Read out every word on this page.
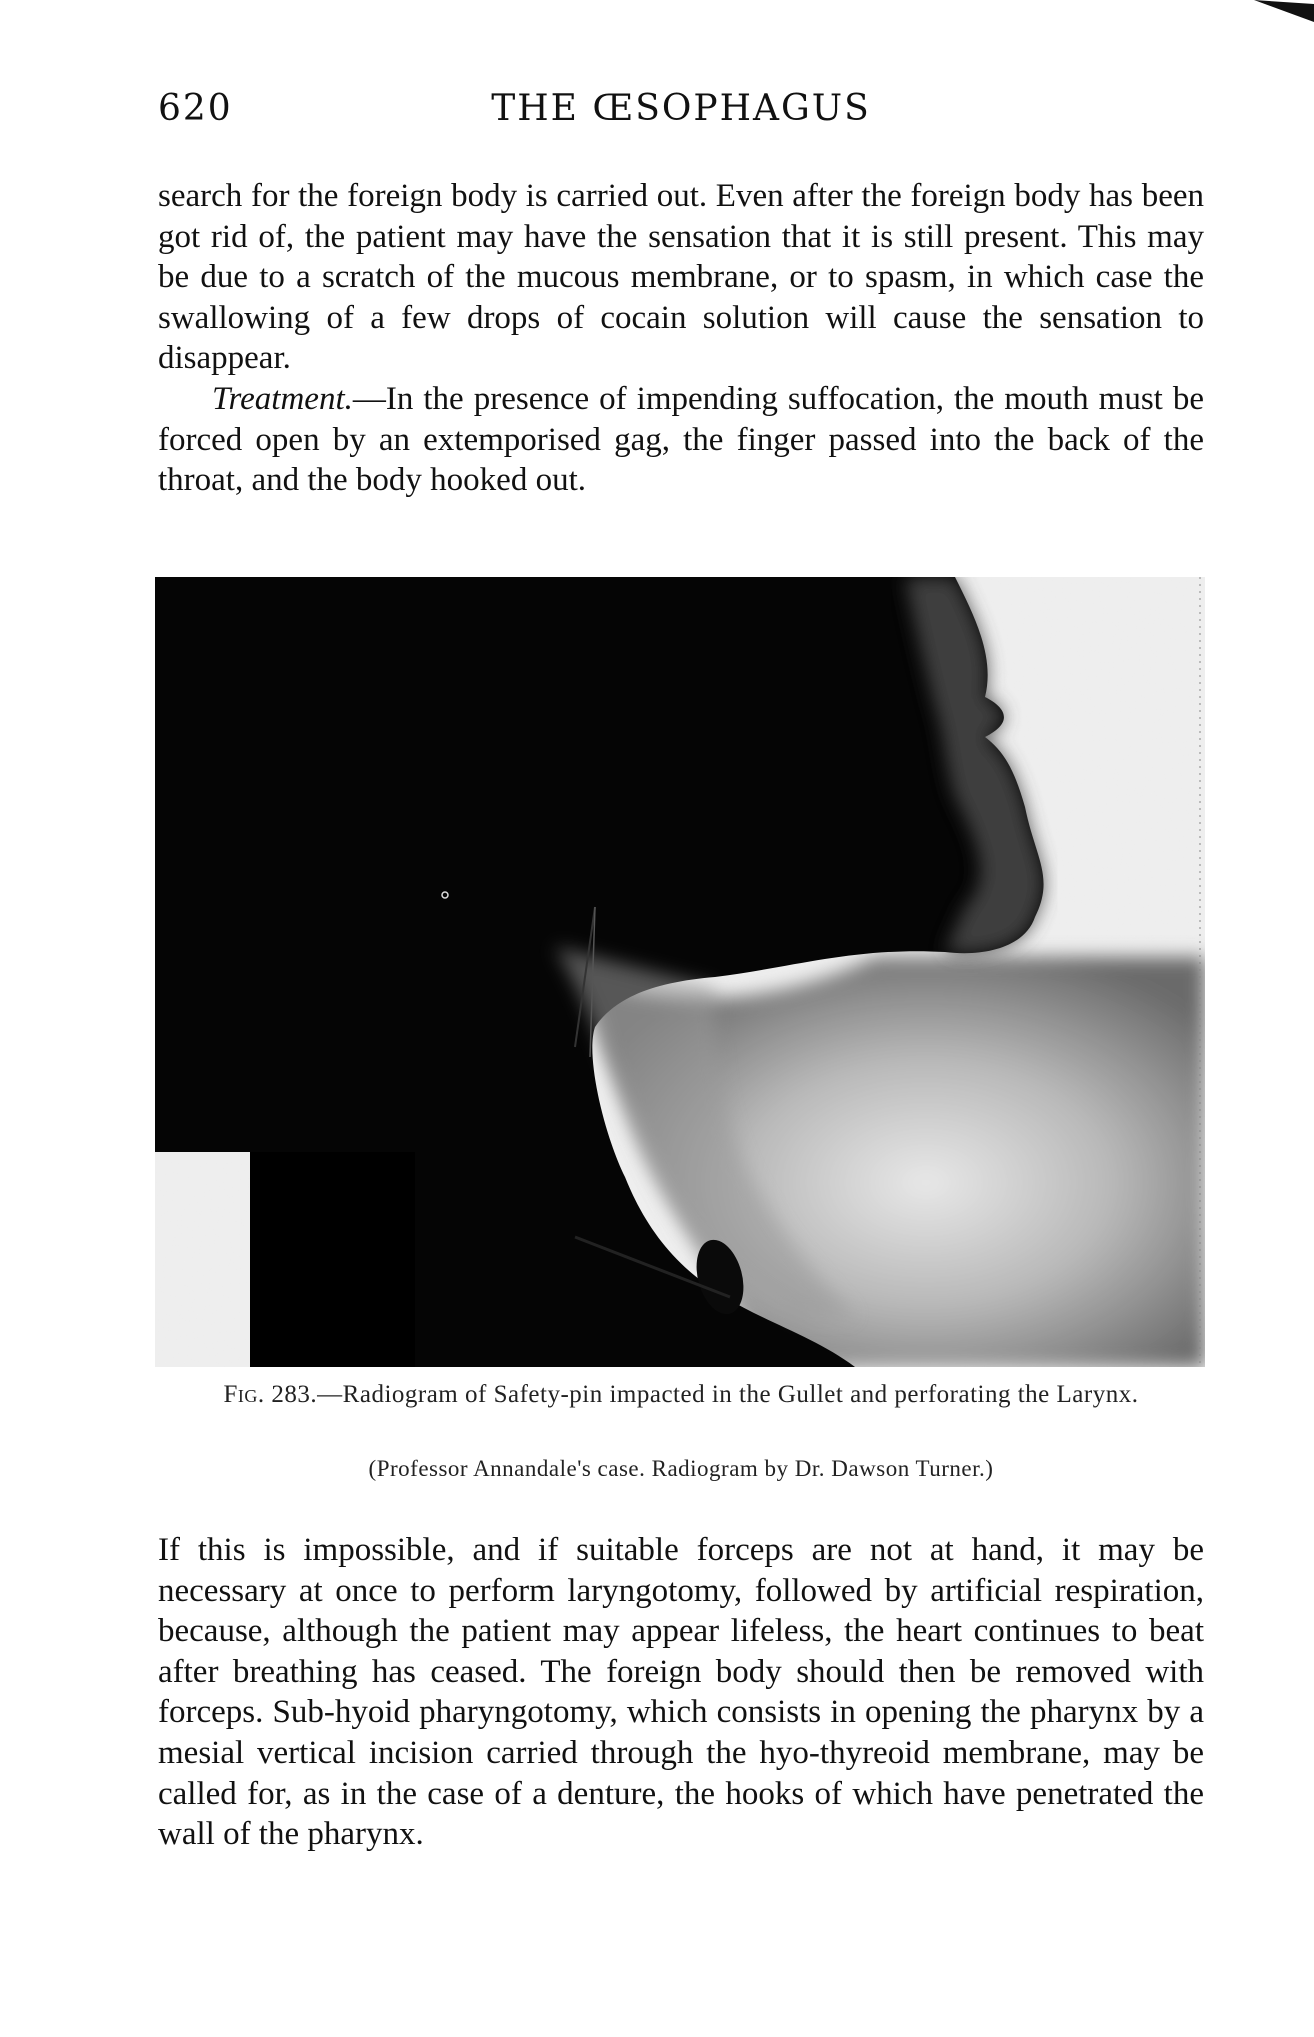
620	THE ŒSOPHAGUS
search for the foreign body is carried out. Even after the foreign body has been got rid of, the patient may have the sensation that it is still present. This may be due to a scratch of the mucous membrane, or to spasm, in which case the swallowing of a few drops of cocain solution will cause the sensation to disappear.
Treatment.—In the presence of impending suffocation, the mouth must be forced open by an extemporised gag, the finger passed into the back of the throat, and the body hooked out.
Fig. 283.—Radiogram of Safety-pin impacted in the Gullet and perforating the Larynx.
(Professor Annandale's case. Radiogram by Dr. Dawson Turner.)
If this is impossible, and if suitable forceps are not at hand, it may be necessary at once to perform laryngotomy, followed by artificial respiration, because, although the patient may appear lifeless, the heart continues to beat after breathing has ceased. The foreign body should then be removed with forceps. Sub-hyoid pharyngotomy, which consists in opening the pharynx by a mesial vertical incision carried through the hyo-thyreoid membrane, may be called for, as in the case of a denture, the hooks of which have penetrated the wall of the pharynx.
